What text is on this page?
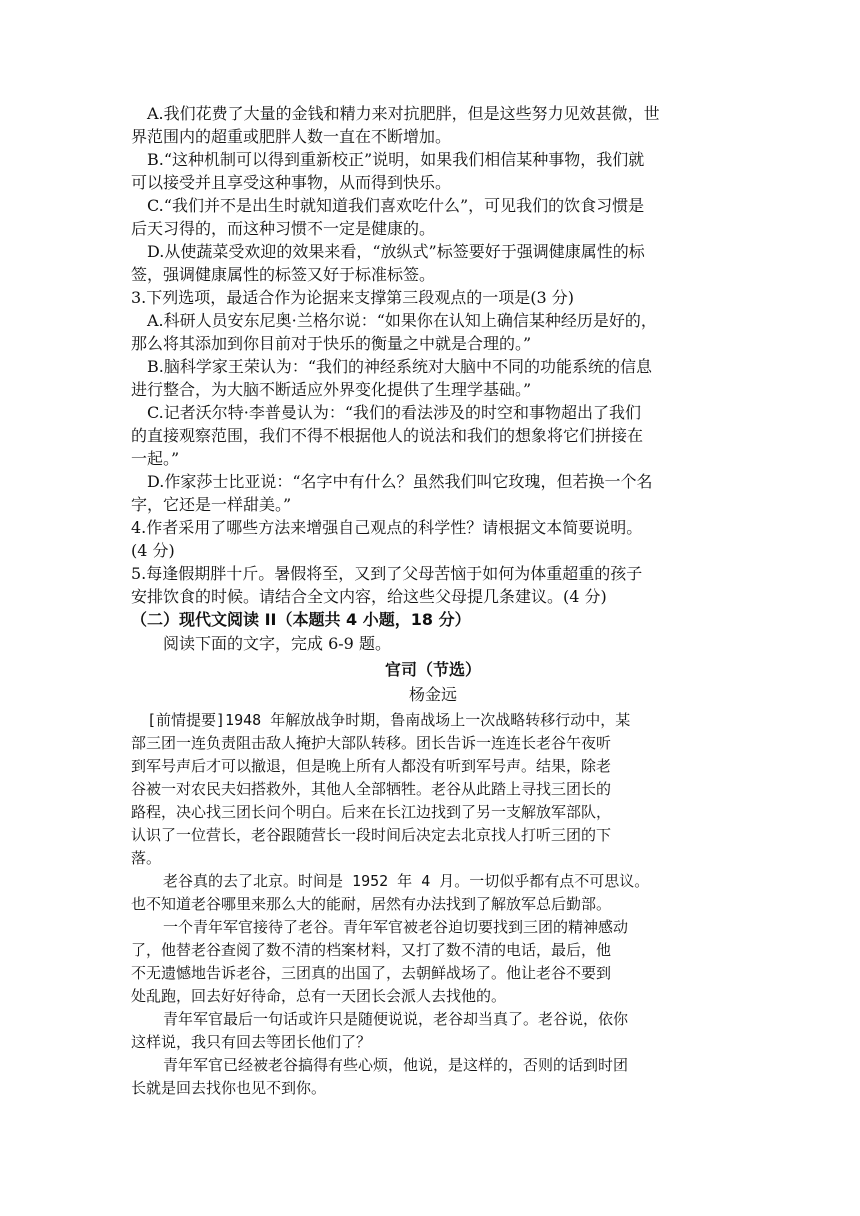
A.我们花费了大量的金钱和精力来对抗肥胖，但是这些努力见效甚微，世

界范围内的超重或肥胖人数一直在不断增加。

B.“这种机制可以得到重新校正”说明，如果我们相信某种事物，我们就

可以接受并且享受这种事物，从而得到快乐。

C.“我们并不是出生时就知道我们喜欢吃什么”，可见我们的饮食习惯是

后天习得的，而这种习惯不一定是健康的。

D.从使蔬菜受欢迎的效果来看，“放纵式”标签要好于强调健康属性的标

签，强调健康属性的标签又好于标准标签。

3.下列选项，最适合作为论据来支撑第三段观点的一项是(3 分)

A.科研人员安东尼奥·兰格尔说：“如果你在认知上确信某种经历是好的，

那么将其添加到你目前对于快乐的衡量之中就是合理的。”

B.脑科学家王荣认为：“我们的神经系统对大脑中不同的功能系统的信息

进行整合，为大脑不断适应外界变化提供了生理学基础。”

C.记者沃尔特·李普曼认为：“我们的看法涉及的时空和事物超出了我们

的直接观察范围，我们不得不根据他人的说法和我们的想象将它们拼接在

一起。”

D.作家莎士比亚说：“名字中有什么？虽然我们叫它玫瑰，但若换一个名

字，它还是一样甜美。”

4.作者采用了哪些方法来增强自己观点的科学性？请根据文本简要说明。

(4 分)

5.每逢假期胖十斤。暑假将至，又到了父母苦恼于如何为体重超重的孩子

安排饮食的时候。请结合全文内容，给这些父母提几条建议。(4 分)

（二）现代文阅读 II（本题共 4 小题，18 分）

阅读下面的文字，完成 6-9 题。

官司（节选）

杨金远

[前情提要]1948 年解放战争时期，鲁南战场上一次战略转移行动中，某

部三团一连负责阻击敌人掩护大部队转移。团长告诉一连连长老谷午夜听

到军号声后才可以撤退，但是晚上所有人都没有听到军号声。结果，除老

谷被一对农民夫妇搭救外，其他人全部牺牲。老谷从此踏上寻找三团长的

路程，决心找三团长问个明白。后来在长江边找到了另一支解放军部队，

认识了一位营长，老谷跟随营长一段时间后决定去北京找人打听三团的下

落。

老谷真的去了北京。时间是 1952 年 4 月。一切似乎都有点不可思议。

也不知道老谷哪里来那么大的能耐，居然有办法找到了解放军总后勤部。

一个青年军官接待了老谷。青年军官被老谷迫切要找到三团的精神感动

了，他替老谷查阅了数不清的档案材料，又打了数不清的电话，最后，他

不无遗憾地告诉老谷，三团真的出国了，去朝鲜战场了。他让老谷不要到

处乱跑，回去好好待命，总有一天团长会派人去找他的。

青年军官最后一句话或许只是随便说说，老谷却当真了。老谷说，依你

这样说，我只有回去等团长他们了？

青年军官已经被老谷搞得有些心烦，他说，是这样的，否则的话到时团

长就是回去找你也见不到你。
